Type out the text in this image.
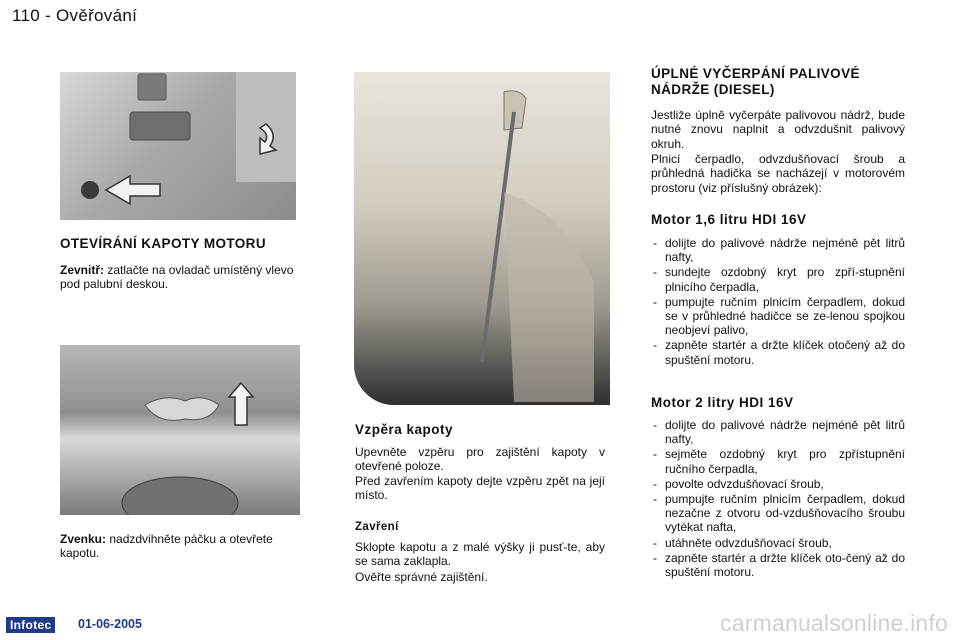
110 - Ověřování
OTEVÍRÁNÍ KAPOTY MOTORU
Zevnitř: zatlačte na ovladač umístěný vlevo pod palubní deskou.
Zvenku: nadzdvihněte páčku a otevřete kapotu.
Vzpěra kapoty
Upevněte vzpěru pro zajištění kapoty v otevřené poloze.
Před zavřením kapoty dejte vzpěru zpět na její místo.
Zavření
Sklopte kapotu a z malé výšky ji pusť-te, aby se sama zaklapla.
Ověřte správné zajištění.
ÚPLNÉ VYČERPÁNÍ PALIVOVÉ NÁDRŽE (DIESEL)
Jestliže úplně vyčerpáte palivovou nádrž, bude nutné znovu naplnit a odvzdušnit palivový okruh.
Plnicí čerpadlo, odvzdušňovací šroub a průhledná hadička se nacházejí v motorovém prostoru (viz příslušný obrázek):
Motor 1,6 litru HDI 16V
- dolijte do palivové nádrže nejméně pět litrů nafty,
- sundejte ozdobný kryt pro zpří-stupnění plnicího čerpadla,
- pumpujte ručním plnicím čerpadlem, dokud se v průhledné hadičce se ze-lenou spojkou neobjeví palivo,
- zapněte startér a držte klíček otočený až do spuštění motoru.
Motor 2 litry HDI 16V
- dolijte do palivové nádrže nejméně pět litrů nafty,
- sejměte ozdobný kryt pro zpřístupnění ručního čerpadla,
- povolte odvzdušňovací šroub,
- pumpujte ručním plnicím čerpadlem, dokud nezačne z otvoru od-vzdušňovacího šroubu vytékat nafta,
- utáhněte odvzdušňovací šroub,
- zapněte startér a držte klíček oto-čený až do spuštění motoru.
Infotec	01-06-2005	carmanualsonline.info
